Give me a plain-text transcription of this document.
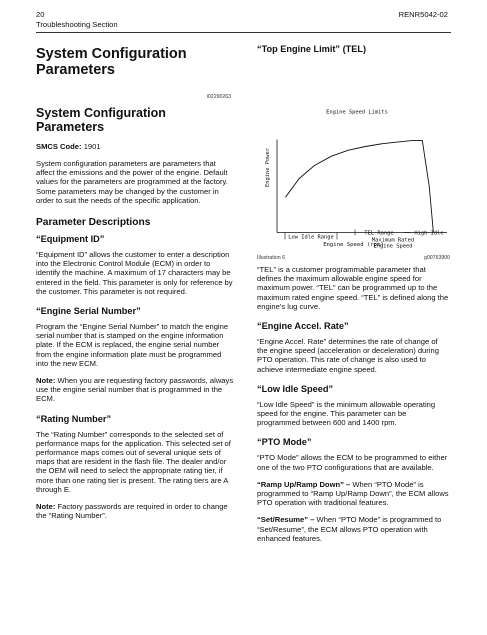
20
Troubleshooting Section
RENR5042-02
System Configuration Parameters
i02290263
System Configuration Parameters
SMCS Code: 1901

System configuration parameters are parameters that affect the emissions and the power of the engine. Default values for the parameters are programmed at the factory. Some parameters may be changed by the customer in order to suit the needs of the specific application.

Parameter Descriptions
“Equipment ID”

“Equipment ID” allows the customer to enter a description into the Electronic Control Module (ECM) in order to identify the machine. A maximum of 17 characters may be entered in the field. This parameter is only for reference by the customer. This parameter is not required.

“Engine Serial Number”

Program the “Engine Serial Number” to match the engine serial number that is stamped on the engine information plate. If the ECM is replaced, the engine serial number from the engine information plate must be programmed into the new ECM.

Note: When you are requesting factory passwords, always use the engine serial number that is programmed in the ECM.

“Rating Number”

The “Rating Number” corresponds to the selected set of performance maps for the application. This selected set of performance maps comes out of several unique sets of maps that are resident in the flash file. The dealer and/or the OEM will need to select the appropriate rating tier, if more than one rating tier is present. The rating tiers are A through E.

Note: Factory passwords are required in order to change the “Rating Number”.

“Top Engine Limit” (TEL)
Engine Speed Limits
Engine Power
Low Idle Range
TEL Range	High Idle
Maximum Rated Engine Speed
Engine Speed (rpm)
Illustration 6	g00763900

“TEL” is a customer programmable parameter that defines the maximum allowable engine speed for maximum power. “TEL” can be programmed up to the maximum rated engine speed. “TEL” is defined along the engine’s lug curve.

“Engine Accel. Rate”

“Engine Accel. Rate” determines the rate of change of the engine speed (acceleration or deceleration) during PTO operation. This rate of change is also used to achieve intermediate engine speed.

“Low Idle Speed”

“Low Idle Speed” is the minimum allowable operating speed for the engine. This parameter can be programmed between 600 and 1400 rpm.

“PTO Mode”

“PTO Mode” allows the ECM to be programmed to either one of the two PTO configurations that are available.

“Ramp Up/Ramp Down” – When “PTO Mode” is programmed to “Ramp Up/Ramp Down”, the ECM allows PTO operation with traditional features.

“Set/Resume” – When “PTO Mode” is programmed to “Set/Resume”, the ECM allows PTO operation with enhanced features.
